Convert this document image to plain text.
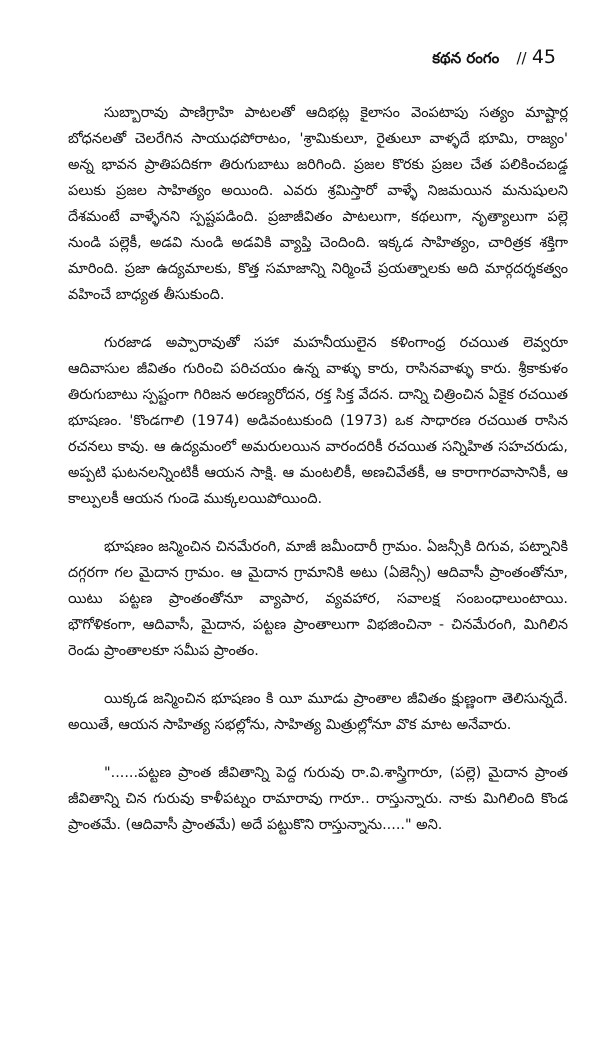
కథన రంగం // 45

సుబ్బారావు పాణిగ్రాహి పాటలతో ఆదిభట్ల కైలాసం వెంపటాపు సత్యం మాష్టార్ల బోధనలతో చెలరేగిన సాయుధపోరాటం, 'శ్రామికులూ, రైతులూ వాళ్ళదే భూమి, రాజ్యం' అన్న భావన ప్రాతిపదికగా తిరుగుబాటు జరిగింది. ప్రజల కొరకు ప్రజల చేత పలికించబడ్డ పలుకు ప్రజల సాహిత్యం అయింది. ఎవరు శ్రమిస్తారో వాళ్ళే నిజమయిన మనుషులని దేశమంటే వాళ్ళేనని స్పష్టపడింది. ప్రజాజీవితం పాటలుగా, కథలుగా, నృత్యాలుగా పల్లె నుండి పల్లెకీ, అడవి నుండి అడవికి వ్యాప్తి చెందింది. ఇక్కడ సాహిత్యం, చారిత్రక శక్తిగా మారింది. ప్రజా ఉద్యమాలకు, కొత్త సమాజాన్ని నిర్మించే ప్రయత్నాలకు అది మార్గదర్శకత్వం వహించే బాధ్యత తీసుకుంది.

గురజాడ అప్పారావుతో సహా మహనీయులైన కళింగాంధ్ర రచయిత లెవ్వరూ ఆదివాసుల జీవితం గురించి పరిచయం ఉన్న వాళ్ళు కారు, రాసినవాళ్ళు కారు. శ్రీకాకుళం తిరుగుబాటు స్పష్టంగా గిరిజన అరణ్యరోదన, రక్త సిక్త వేదన. దాన్ని చిత్రించిన ఏకైక రచయిత భూషణం. 'కొండగాలి (1974) అడివంటుకుంది (1973) ఒక సాధారణ రచయిత రాసిన రచనలు కావు. ఆ ఉద్యమంలో అమరులయిన వారందరికీ రచయిత సన్నిహిత సహచరుడు, అప్పటి ఘటనలన్నింటికీ ఆయన సాక్షి. ఆ మంటలికీ, అణచివేతకీ, ఆ కారాగారవాసానికీ, ఆ కాల్పులకీ ఆయన గుండె ముక్కలయిపోయింది.

భూషణం జన్మించిన చినమేరంగి, మాజీ జమీందారీ గ్రామం. ఏజన్సీకి దిగువ, పట్నానికి దగ్గరగా గల మైదాన గ్రామం. ఆ మైదాన గ్రామానికి అటు (ఏజెన్సీ) ఆదివాసీ ప్రాంతంతోనూ, యిటు పట్టణ ప్రాంతంతోనూ వ్యాపార, వ్యవహార, సవాలక్ష సంబంధాలుంటాయి. భౌగోళికంగా, ఆదివాసీ, మైదాన, పట్టణ ప్రాంతాలుగా విభజించినా - చినమేరంగి, మిగిలిన రెండు ప్రాంతాలకూ సమీప ప్రాంతం.

యిక్కడ జన్మించిన భూషణం కి యీ మూడు ప్రాంతాల జీవితం క్షుణ్ణంగా తెలిసున్నదే. అయితే, ఆయన సాహిత్య సభల్లోను, సాహిత్య మిత్రుల్లోనూ వొక మాట అనేవారు.

"......పట్టణ ప్రాంత జీవితాన్ని పెద్ద గురువు రా.వి.శాస్త్రిగారూ, (పల్లె) మైదాన ప్రాంత జీవితాన్ని చిన గురువు కాళీపట్నం రామారావు గారూ.. రాస్తున్నారు. నాకు మిగిలింది కొండ ప్రాంతమే. (ఆదివాసీ ప్రాంతమే) అదే పట్టుకొని రాస్తున్నాను....." అని.
